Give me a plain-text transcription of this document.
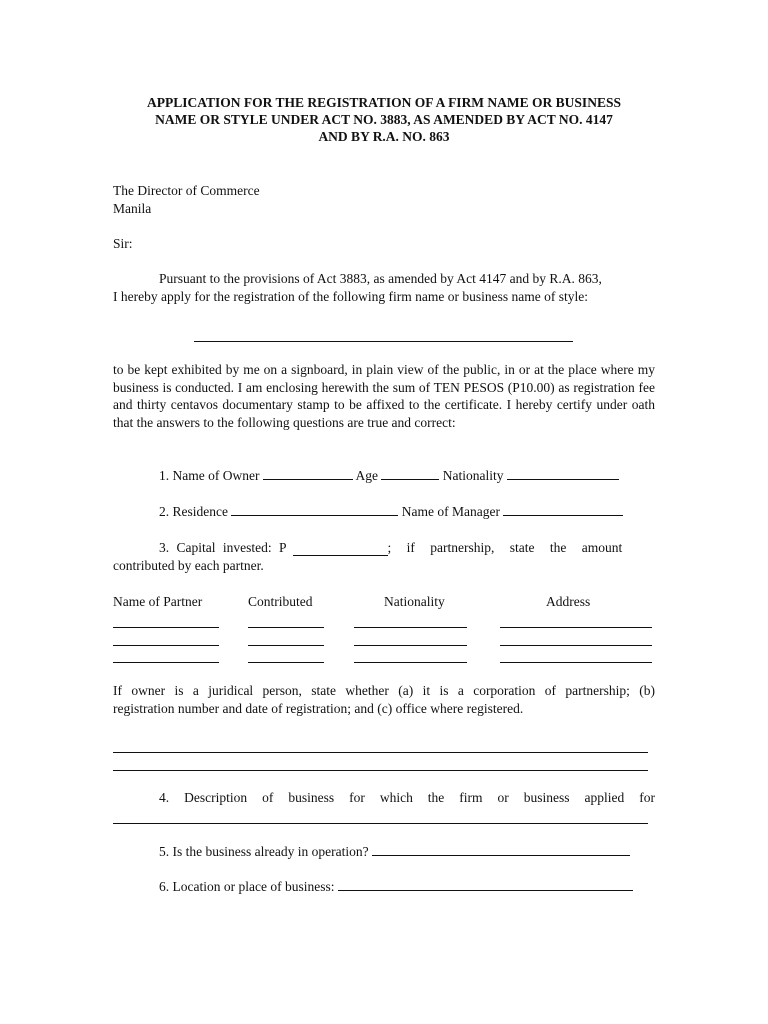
APPLICATION FOR THE REGISTRATION OF A FIRM NAME OR BUSINESS
NAME OR STYLE UNDER ACT NO. 3883, AS AMENDED BY ACT NO. 4147
AND BY R.A. NO. 863
The Director of Commerce
Manila
Sir:
Pursuant to the provisions of Act 3883, as amended by Act 4147 and by R.A. 863,
I hereby apply for the registration of the following firm name or business name of style:
to be kept exhibited by me on a signboard, in plain view of the public, in or at the place where my business is conducted. I am enclosing herewith the sum of TEN PESOS (P10.00) as registration fee and thirty centavos documentary stamp to be affixed to the certificate. I hereby certify under oath that the answers to the following questions are true and correct:
1. Name of Owner	Age	Nationality
2. Residence	Name of Manager
3. Capital invested: P	; if partnership, state the amount
contributed by each partner.
Name of Partner	Contributed	Nationality	Address
If owner is a juridical person, state whether (a) it is a corporation of partnership; (b)
registration number and date of registration; and (c) office where registered.
4. Description of business for which the firm or business applied for
5. Is the business already in operation?
6. Location or place of business:
